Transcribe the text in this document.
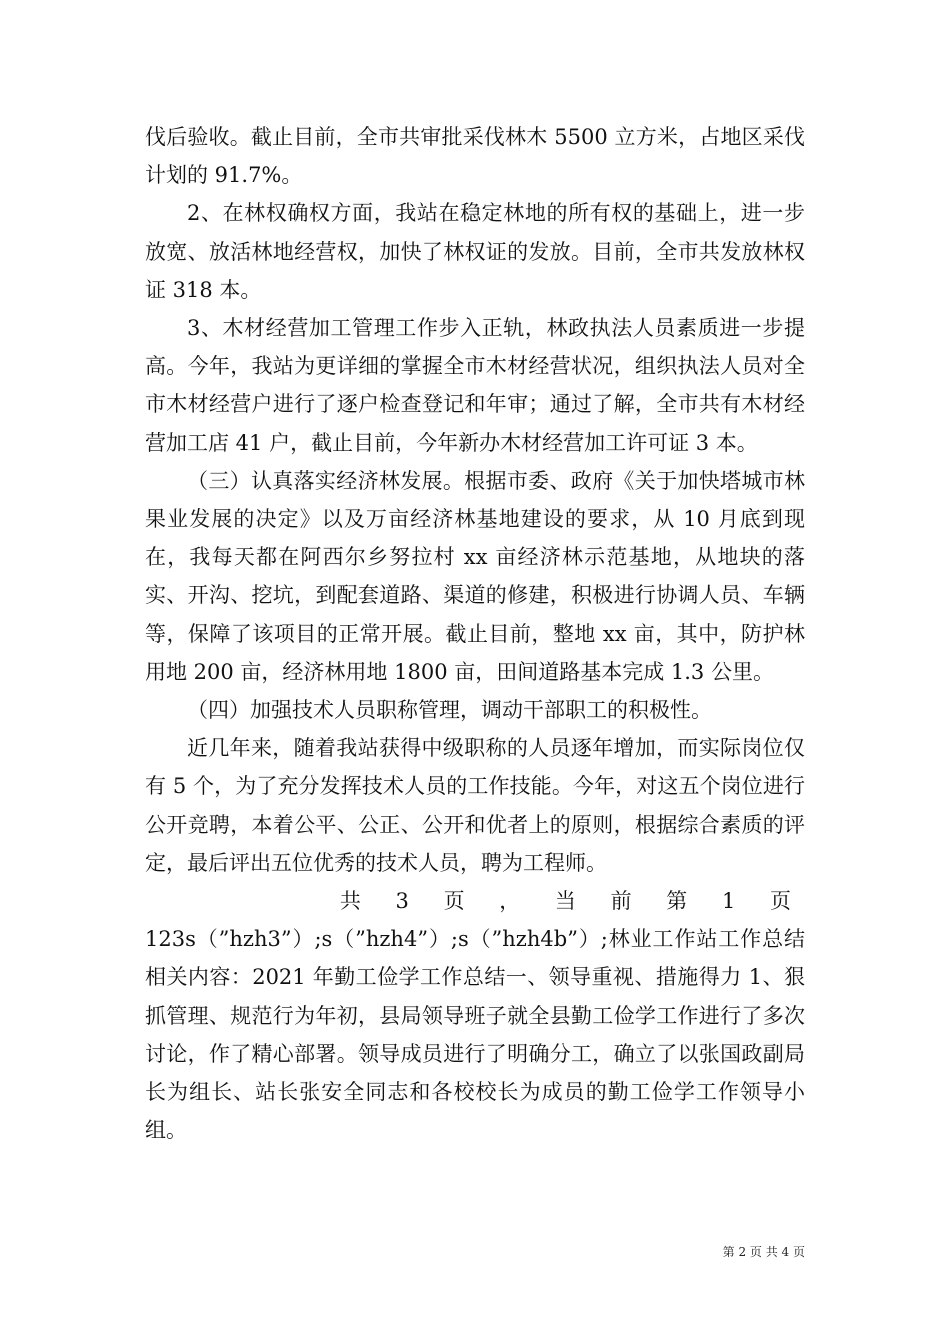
伐后验收。截止目前，全市共审批采伐林木 5500 立方米，占地区采伐计划的 91.7%。

2、在林权确权方面，我站在稳定林地的所有权的基础上，进一步放宽、放活林地经营权，加快了林权证的发放。目前，全市共发放林权证 318 本。

3、木材经营加工管理工作步入正轨，林政执法人员素质进一步提高。今年，我站为更详细的掌握全市木材经营状况，组织执法人员对全市木材经营户进行了逐户检查登记和年审；通过了解，全市共有木材经营加工店 41 户，截止目前，今年新办木材经营加工许可证 3 本。

（三）认真落实经济林发展。根据市委、政府《关于加快塔城市林果业发展的决定》以及万亩经济林基地建设的要求，从 10 月底到现在，我每天都在阿西尔乡努拉村 xx 亩经济林示范基地，从地块的落实、开沟、挖坑，到配套道路、渠道的修建，积极进行协调人员、车辆等，保障了该项目的正常开展。截止目前，整地 xx 亩，其中，防护林用地 200 亩，经济林用地 1800 亩，田间道路基本完成 1.3 公里。

（四）加强技术人员职称管理，调动干部职工的积极性。

近几年来，随着我站获得中级职称的人员逐年增加，而实际岗位仅有 5 个，为了充分发挥技术人员的工作技能。今年，对这五个岗位进行公开竞聘，本着公平、公正、公开和优者上的原则，根据综合素质的评定，最后评出五位优秀的技术人员，聘为工程师。

共 3 页 ， 当 前 第 1 页

123s（”hzh3”）;s（”hzh4”）;s（”hzh4b”）;林业工作站工作总结相关内容：2021 年勤工俭学工作总结一、领导重视、措施得力 1、狠抓管理、规范行为年初，县局领导班子就全县勤工俭学工作进行了多次讨论，作了精心部署。领导成员进行了明确分工，确立了以张国政副局长为组长、站长张安全同志和各校校长为成员的勤工俭学工作领导小组。

第 2 页 共 4 页
